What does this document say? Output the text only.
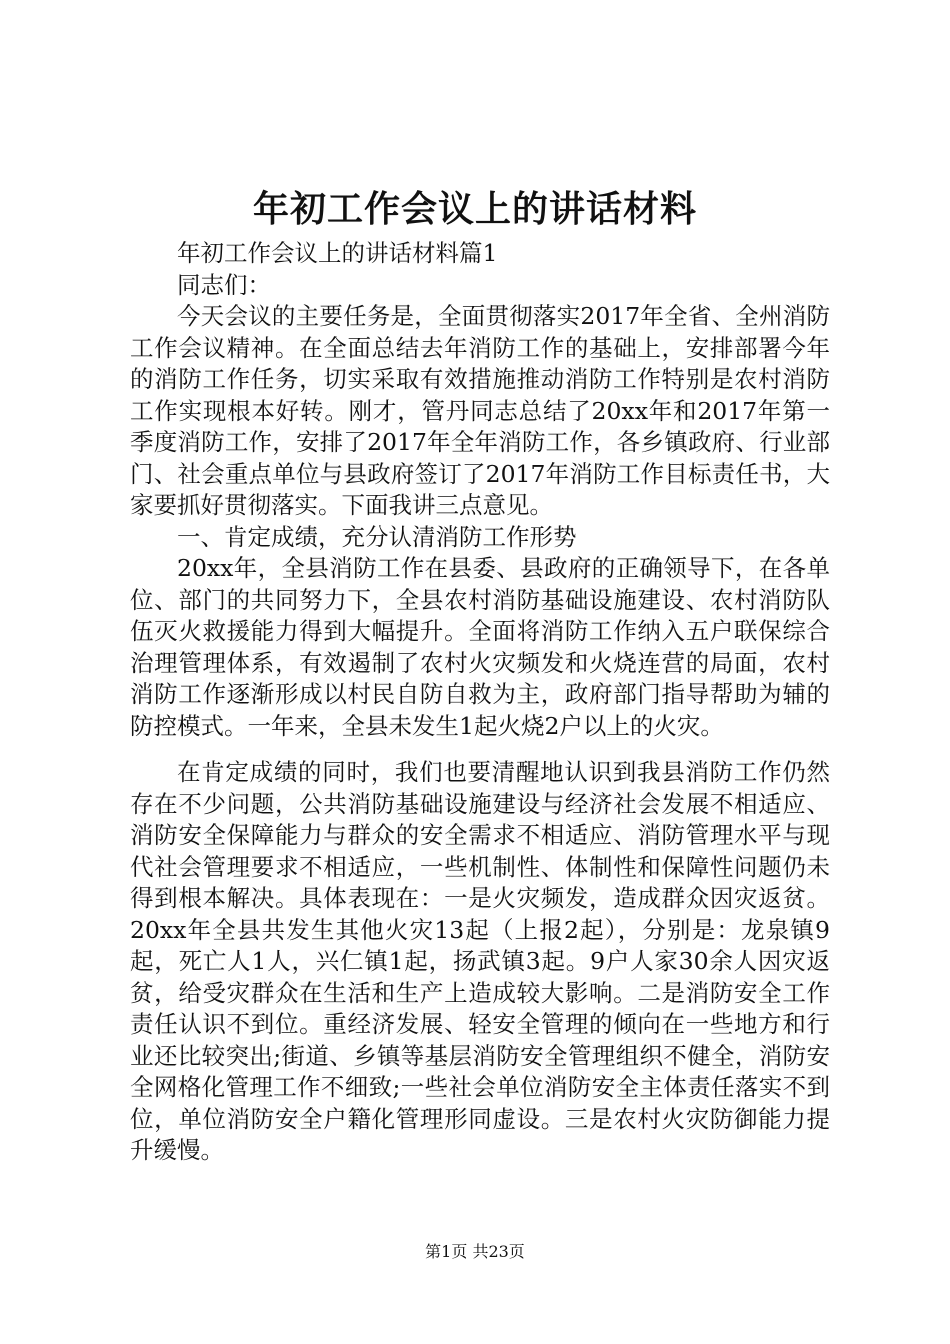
年初工作会议上的讲话材料

年初工作会议上的讲话材料篇1

同志们：

今天会议的主要任务是，全面贯彻落实2017年全省、全州消防工作会议精神。在全面总结去年消防工作的基础上，安排部署今年的消防工作任务，切实采取有效措施推动消防工作特别是农村消防工作实现根本好转。刚才，管丹同志总结了20xx年和2017年第一季度消防工作，安排了2017年全年消防工作，各乡镇政府、行业部门、社会重点单位与县政府签订了2017年消防工作目标责任书，大家要抓好贯彻落实。下面我讲三点意见。

一、肯定成绩，充分认清消防工作形势

20xx年，全县消防工作在县委、县政府的正确领导下，在各单位、部门的共同努力下，全县农村消防基础设施建设、农村消防队伍灭火救援能力得到大幅提升。全面将消防工作纳入五户联保综合治理管理体系，有效遏制了农村火灾频发和火烧连营的局面，农村消防工作逐渐形成以村民自防自救为主，政府部门指导帮助为辅的防控模式。一年来，全县未发生1起火烧2户以上的火灾。

在肯定成绩的同时，我们也要清醒地认识到我县消防工作仍然存在不少问题，公共消防基础设施建设与经济社会发展不相适应、消防安全保障能力与群众的安全需求不相适应、消防管理水平与现代社会管理要求不相适应，一些机制性、体制性和保障性问题仍未得到根本解决。具体表现在：一是火灾频发，造成群众因灾返贫。20xx年全县共发生其他火灾13起（上报2起），分别是：龙泉镇9起，死亡人1人，兴仁镇1起，扬武镇3起。9户人家30余人因灾返贫，给受灾群众在生活和生产上造成较大影响。二是消防安全工作责任认识不到位。重经济发展、轻安全管理的倾向在一些地方和行业还比较突出;街道、乡镇等基层消防安全管理组织不健全，消防安全网格化管理工作不细致;一些社会单位消防安全主体责任落实不到位，单位消防安全户籍化管理形同虚设。三是农村火灾防御能力提升缓慢。

第1页 共23页
